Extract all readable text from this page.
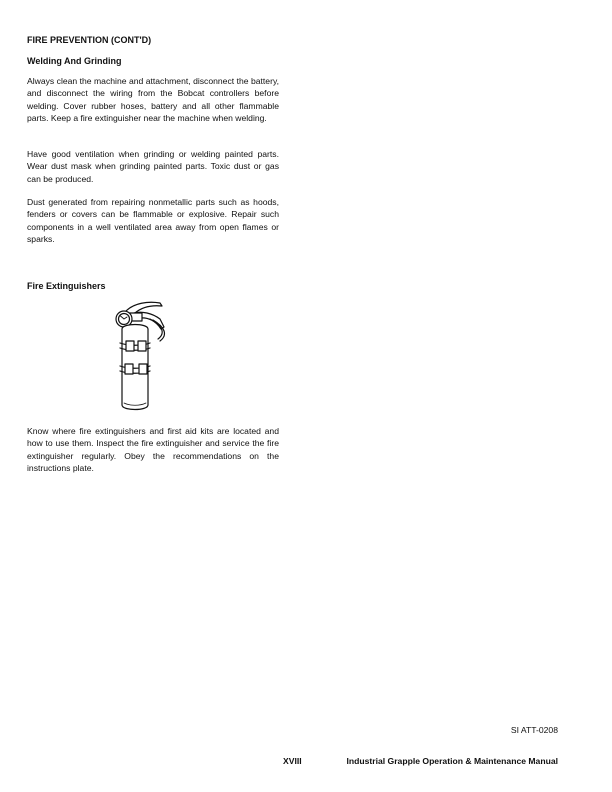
FIRE PREVENTION (CONT'D)
Welding And Grinding

Always clean the machine and attachment, disconnect the battery, and disconnect the wiring from the Bobcat controllers before welding. Cover rubber hoses, battery and all other flammable parts. Keep a fire extinguisher near the machine when welding.

Have good ventilation when grinding or welding painted parts. Wear dust mask when grinding painted parts. Toxic dust or gas can be produced.

Dust generated from repairing nonmetallic parts such as hoods, fenders or covers can be flammable or explosive. Repair such components in a well ventilated area away from open flames or sparks.

Fire Extinguishers

Know where fire extinguishers and first aid kits are located and how to use them. Inspect the fire extinguisher and service the fire extinguisher regularly. Obey the recommendations on the instructions plate.

SI ATT-0208
XVIII	Industrial Grapple Operation & Maintenance Manual
